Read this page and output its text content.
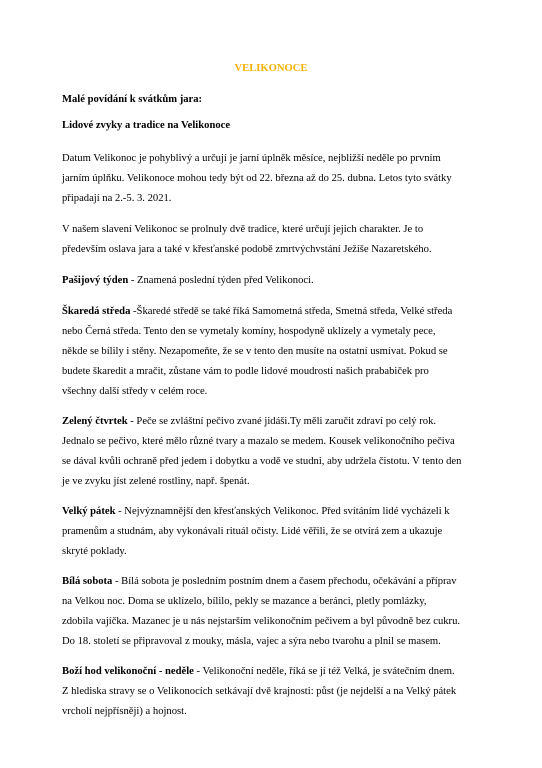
VELIKONOCE

Malé povídání k svátkům jara:

Lidové zvyky a tradice na Velikonoce

Datum Velikonoc je pohyblivý a určují je jarní úplněk měsíce, nejbližší neděle po prvním
jarním úplňku. Velikonoce mohou tedy být od 22. března až do 25. dubna. Letos tyto svátky
připadají na 2.-5. 3. 2021.
V našem slavení Velikonoc se prolnuly dvě tradice, které určují jejich charakter. Je to
především oslava jara a také v křesťanské podobě zmrtvýchvstání Ježíše Nazaretského.
Pašijový týden - Znamená poslední týden před Velikonoci.
Škaredá středa -Škaredé středě se také říká Samometná středa, Smetná středa, Velké středa
nebo Černá středa. Tento den se vymetaly komíny, hospodyně uklízely a vymetaly pece,
někde se bílily i stěny. Nezapomeňte, že se v tento den musíte na ostatní usmívat. Pokud se
budete škaredit a mračit, zůstane vám to podle lidové moudrosti našich prababiček pro
všechny další středy v celém roce.
Zelený čtvrtek - Peče se zvláštní pečivo zvané jidáši.Ty měli zaručit zdraví po celý rok.
Jednalo se pečivo, které mělo různé tvary a mazalo se medem. Kousek velikonočního pečiva
se dával kvůli ochraně před jedem i dobytku a vodě ve studni, aby udržela čistotu. V tento den
je ve zvyku jíst zelené rostliny, např. špenát.
Velký pátek - Nejvýznamnější den křesťanských Velikonoc. Před svítáním lidé vycházeli k
pramenům a studnám, aby vykonávali rituál očisty. Lidé věřili, že se otvírá zem a ukazuje
skryté poklady.
Bílá sobota - Bílá sobota je posledním postním dnem a časem přechodu, očekávání a příprav
na Velkou noc. Doma se uklízelo, bílilo, pekly se mazance a beránci, pletly pomlázky,
zdobila vajíčka. Mazanec je u nás nejstarším velikonočním pečivem a byl původně bez cukru.
Do 18. století se připravoval z mouky, másla, vajec a sýra nebo tvarohu a plnil se masem.
Boží hod velikonoční - neděle - Velikonoční neděle, říká se jí též Velká, je svátečním dnem.
Z hlediska stravy se o Velikonocích setkávají dvě krajnosti: půst (je nejdelší a na Velký pátek
vrcholí nejpřísněji) a hojnost.
